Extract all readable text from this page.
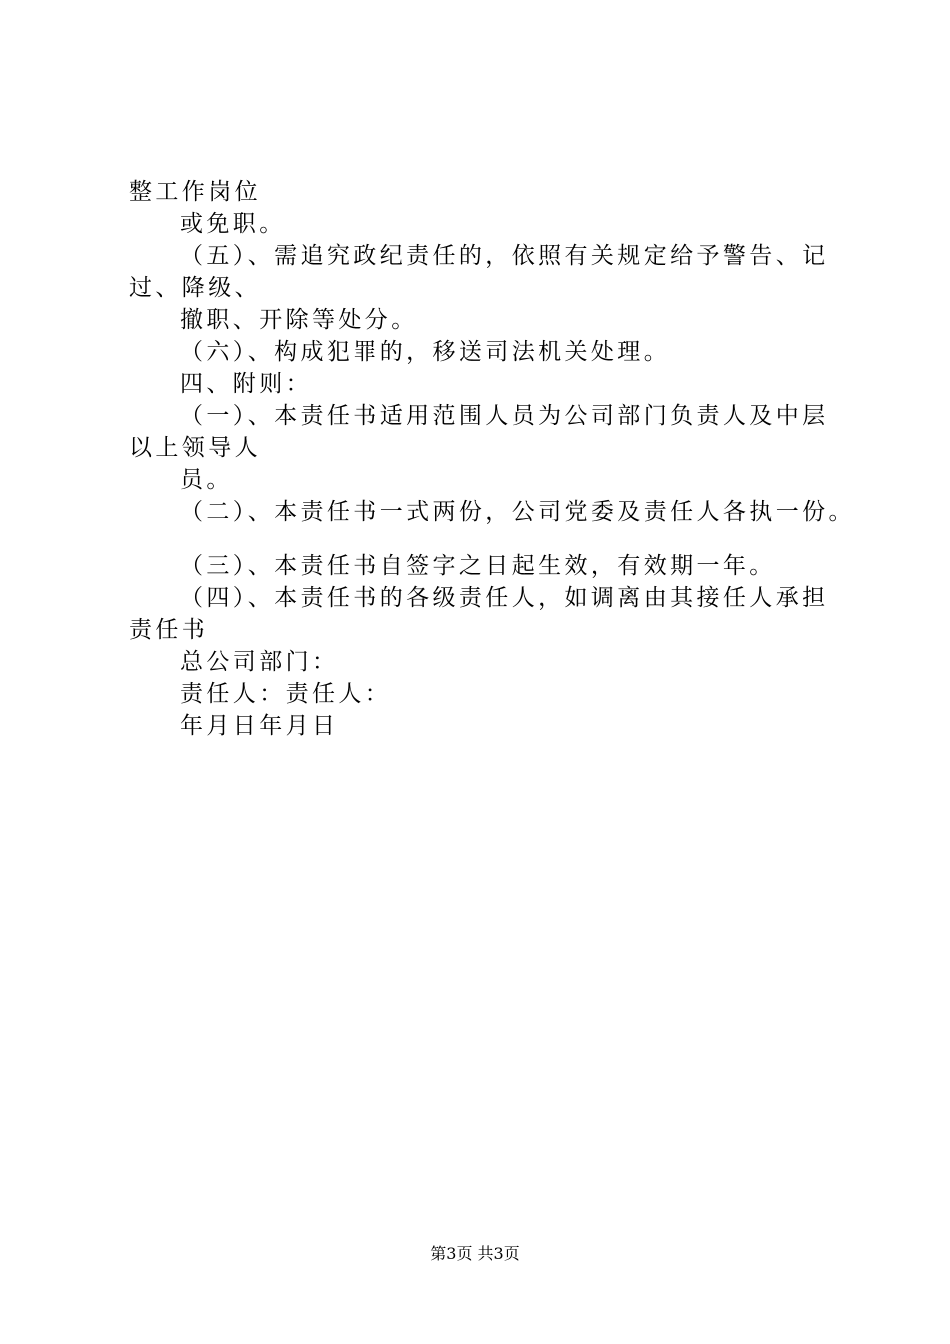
整工作岗位
或免职。
（五）、需追究政纪责任的，依照有关规定给予警告、记
过、降级、
撤职、开除等处分。
（六）、构成犯罪的，移送司法机关处理。
四、附则：
（一）、本责任书适用范围人员为公司部门负责人及中层
以上领导人
员。
（二）、本责任书一式两份，公司党委及责任人各执一份。
（三）、本责任书自签字之日起生效，有效期一年。
（四）、本责任书的各级责任人，如调离由其接任人承担
责任书
总公司部门：
责任人：责任人：
年月日年月日
第3页 共3页
